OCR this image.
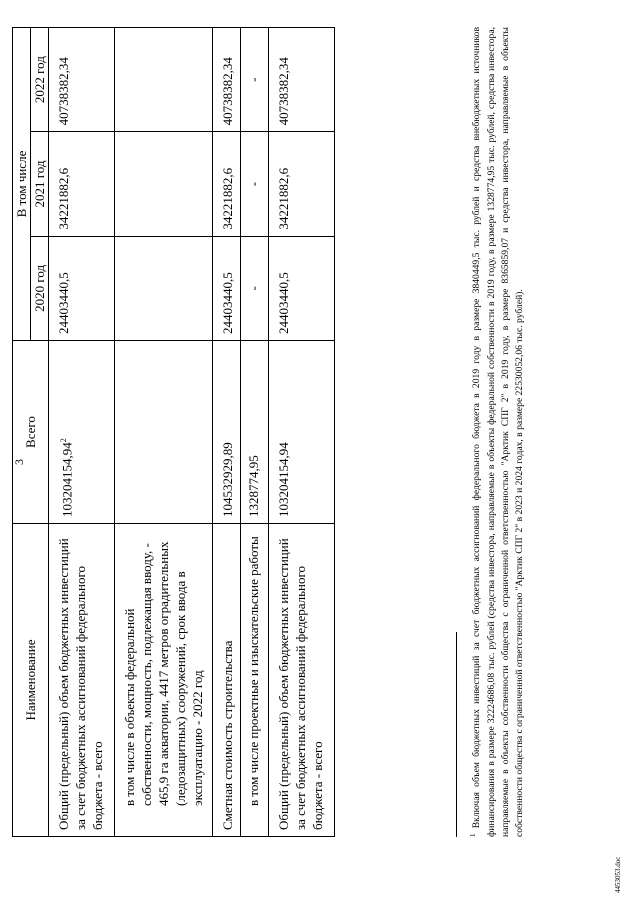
3
Наименование	Всего	В том числе		
		2020 год	2021 год	2022 год
Общий (предельный) объем бюджетных инвестиций за счет бюджетных ассигнований федерального бюджета - всего	103204154,94$^2$	24403440,5	34221882,6	40738382,34
в том числе в объекты федеральной собственности, мощность, подлежащая вводу, - 465,9 га акватории, 4417 метров оградительных (ледозащитных) сооружений, срок ввода в эксплуатацию - 2022 год				
Сметная стоимость строительства	104532929,89	24403440,5	34221882,6	40738382,34
в том числе проектные и изыскательские работы	1328774,95	-	-	-
Общий (предельный) объем бюджетных инвестиций за счет бюджетных ассигнований федерального бюджета - всего	103204154,94	24403440,5	34221882,6	40738382,34
$^1$ Включая объем бюджетных инвестиций за счет бюджетных ассигнований федерального бюджета в 2019 году в размере 3840449,5 тыс. рублей и средства внебюджетных источников финансирования в размере 32224686,08 тыс. рублей (средства инвестора, направляемые в объекты федеральной собственности в 2019 году, в размере 1328774,95 тыс. рублей, средства инвестора, направляемые в объекты собственности общества с ограниченной ответственностью "Арктик СПГ 2" в 2019 году, в размере 8365859,07 и средства инвестора, направляемые в объекты собственности общества с ограниченной ответственностью "Арктик СПГ 2" в 2023 и 2024 годах, в размере 22530052,06 тыс. рублей).
4453053.doc
